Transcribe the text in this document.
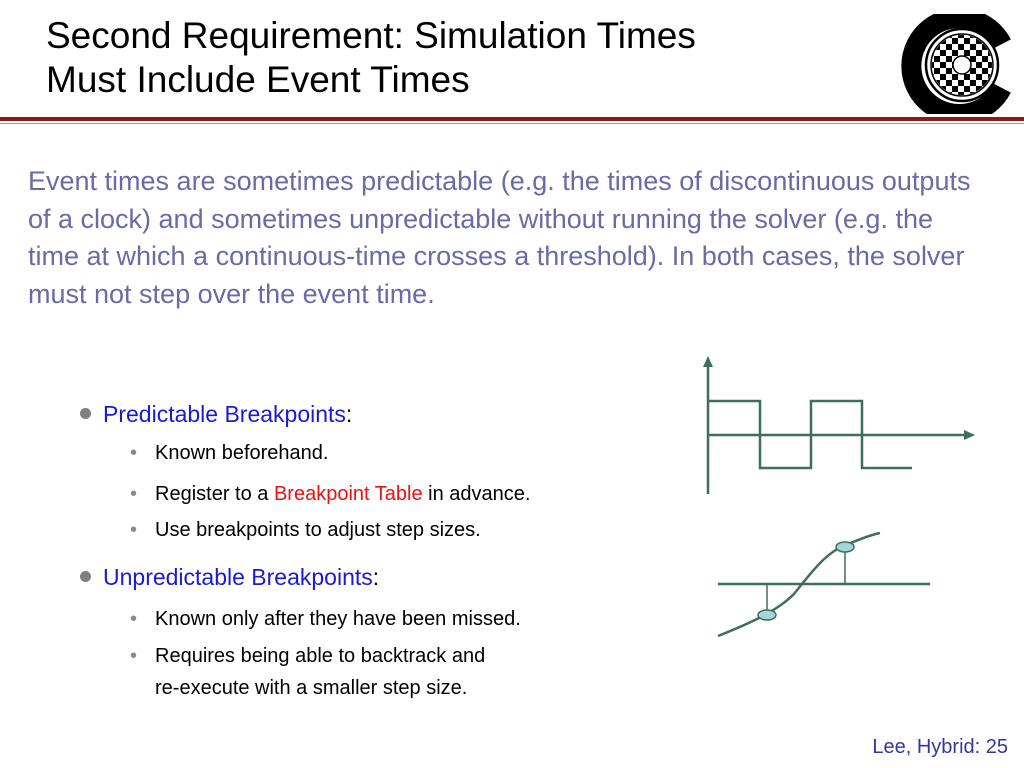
Second Requirement: Simulation Times
Must Include Event Times
Event times are sometimes predictable (e.g. the times of discontinuous outputs of a clock) and sometimes unpredictable without running the solver (e.g. the time at which a continuous-time crosses a threshold). In both cases, the solver must not step over the event time.
Predictable Breakpoints:
• Known beforehand.
• Register to a Breakpoint Table in advance.
• Use breakpoints to adjust step sizes.
Unpredictable Breakpoints:
• Known only after they have been missed.
• Requires being able to backtrack and
re-execute with a smaller step size.
Lee, Hybrid: 25
